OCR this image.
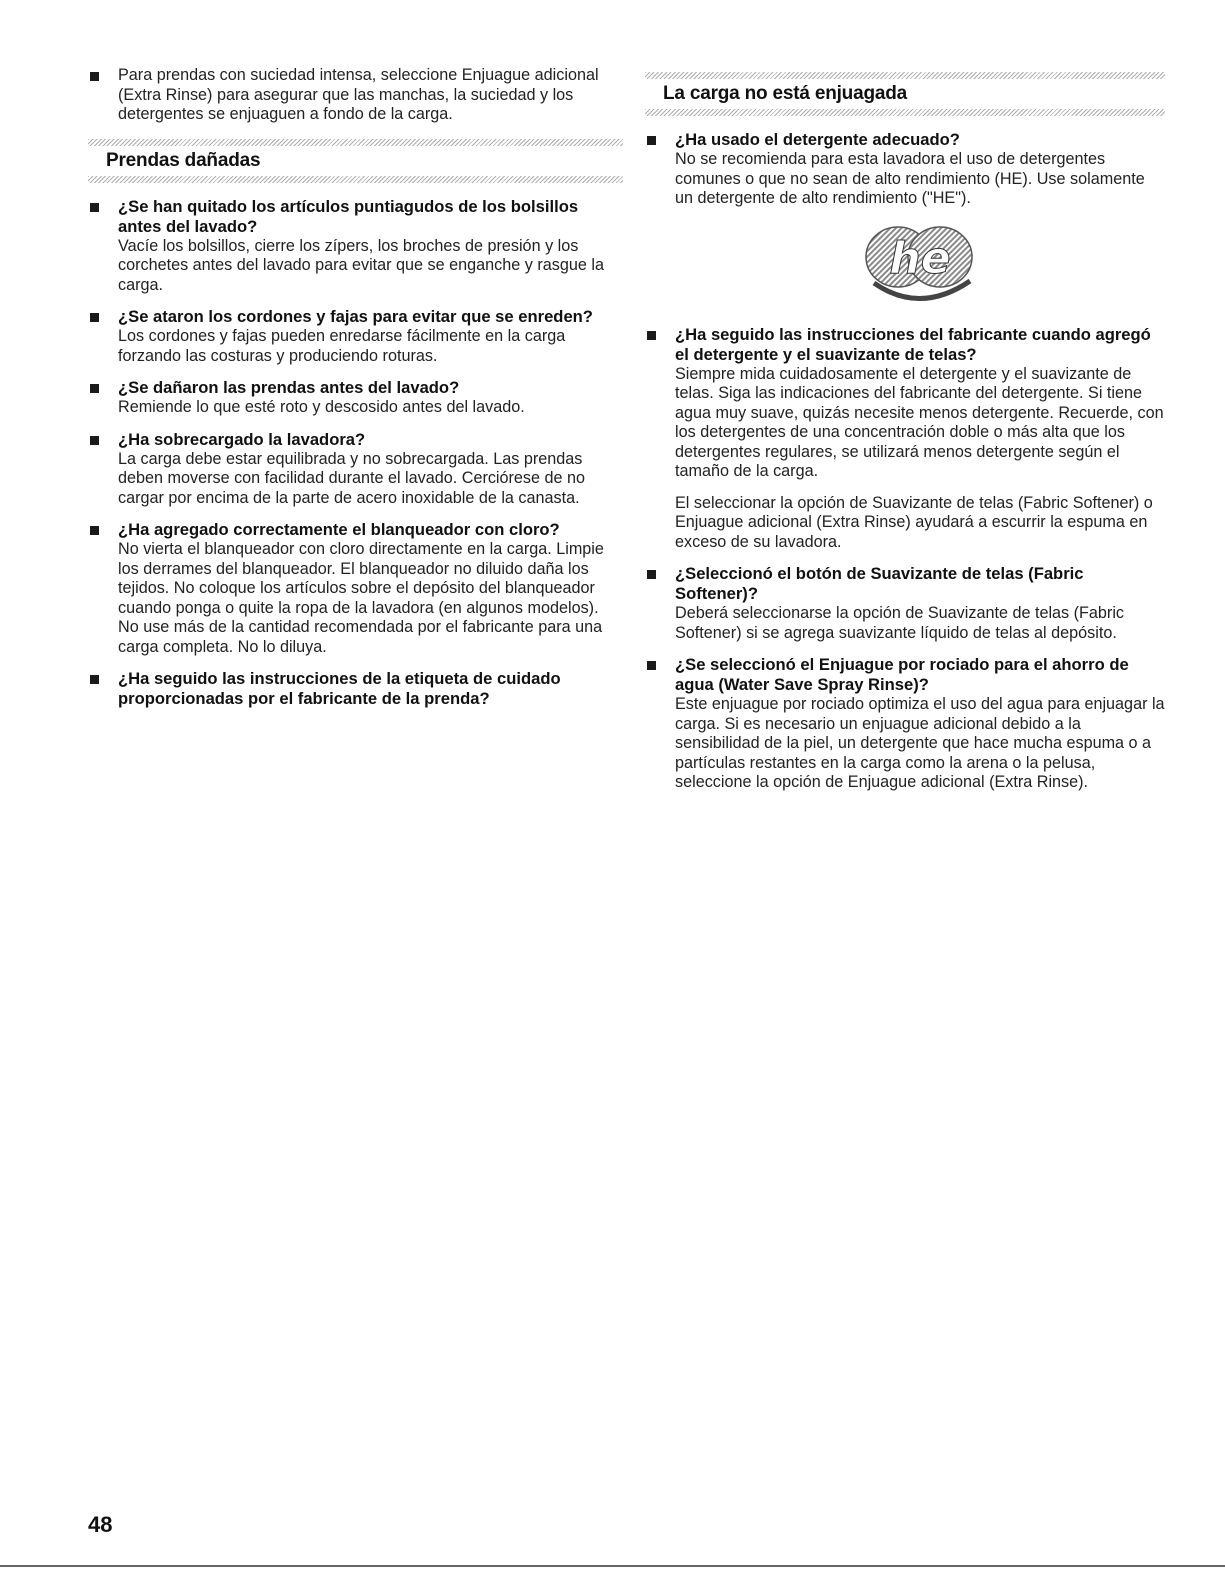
Para prendas con suciedad intensa, seleccione Enjuague adicional (Extra Rinse) para asegurar que las manchas, la suciedad y los detergentes se enjuaguen a fondo de la carga.
Prendas dañadas
¿Se han quitado los artículos puntiagudos de los bolsillos antes del lavado?
Vacíe los bolsillos, cierre los zípers, los broches de presión y los corchetes antes del lavado para evitar que se enganche y rasgue la carga.
¿Se ataron los cordones y fajas para evitar que se enreden?
Los cordones y fajas pueden enredarse fácilmente en la carga forzando las costuras y produciendo roturas.
¿Se dañaron las prendas antes del lavado?
Remiende lo que esté roto y descosido antes del lavado.
¿Ha sobrecargado la lavadora?
La carga debe estar equilibrada y no sobrecargada. Las prendas deben moverse con facilidad durante el lavado. Cerciórese de no cargar por encima de la parte de acero inoxidable de la canasta.
¿Ha agregado correctamente el blanqueador con cloro?
No vierta el blanqueador con cloro directamente en la carga. Limpie los derrames del blanqueador. El blanqueador no diluido daña los tejidos. No coloque los artículos sobre el depósito del blanqueador cuando ponga o quite la ropa de la lavadora (en algunos modelos). No use más de la cantidad recomendada por el fabricante para una carga completa. No lo diluya.
¿Ha seguido las instrucciones de la etiqueta de cuidado proporcionadas por el fabricante de la prenda?
La carga no está enjuagada
¿Ha usado el detergente adecuado?
No se recomienda para esta lavadora el uso de detergentes comunes o que no sean de alto rendimiento (HE). Use solamente un detergente de alto rendimiento ("HE").
he
¿Ha seguido las instrucciones del fabricante cuando agregó el detergente y el suavizante de telas?
Siempre mida cuidadosamente el detergente y el suavizante de telas. Siga las indicaciones del fabricante del detergente. Si tiene agua muy suave, quizás necesite menos detergente. Recuerde, con los detergentes de una concentración doble o más alta que los detergentes regulares, se utilizará menos detergente según el tamaño de la carga.

El seleccionar la opción de Suavizante de telas (Fabric Softener) o Enjuague adicional (Extra Rinse) ayudará a escurrir la espuma en exceso de su lavadora.

¿Seleccionó el botón de Suavizante de telas (Fabric Softener)?
Deberá seleccionarse la opción de Suavizante de telas (Fabric Softener) si se agrega suavizante líquido de telas al depósito.
¿Se seleccionó el Enjuague por rociado para el ahorro de agua (Water Save Spray Rinse)?
Este enjuague por rociado optimiza el uso del agua para enjuagar la carga. Si es necesario un enjuague adicional debido a la sensibilidad de la piel, un detergente que hace mucha espuma o a partículas restantes en la carga como la arena o la pelusa, seleccione la opción de Enjuague adicional (Extra Rinse).
48
